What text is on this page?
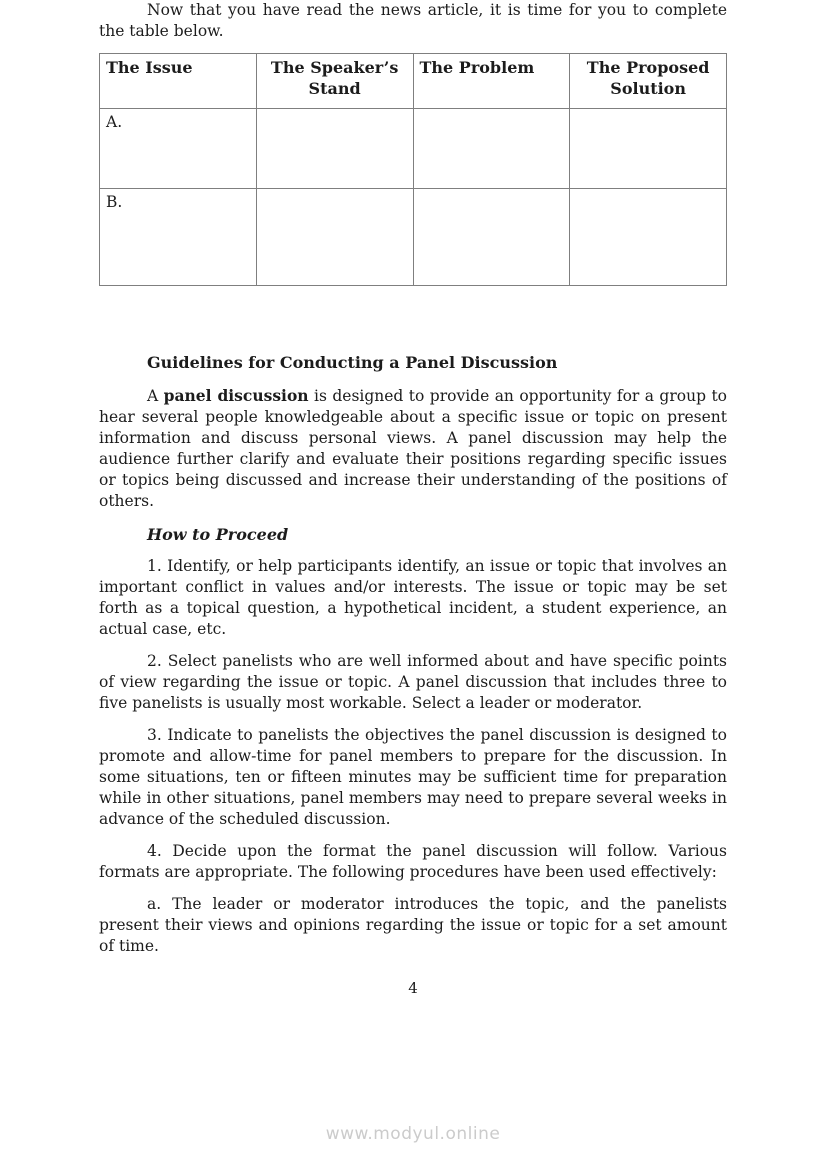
Now that you have read the news article, it is time for you to complete the table below.

The Issue	The Speaker’s Stand	The Problem	The Proposed Solution
A.			
B.			

Guidelines for Conducting a Panel Discussion

A panel discussion is designed to provide an opportunity for a group to hear several people knowledgeable about a specific issue or topic on present information and discuss personal views. A panel discussion may help the audience further clarify and evaluate their positions regarding specific issues or topics being discussed and increase their understanding of the positions of others.

How to Proceed

1. Identify, or help participants identify, an issue or topic that involves an important conflict in values and/or interests. The issue or topic may be set forth as a topical question, a hypothetical incident, a student experience, an actual case, etc.

2. Select panelists who are well informed about and have specific points of view regarding the issue or topic. A panel discussion that includes three to five panelists is usually most workable. Select a leader or moderator.

3. Indicate to panelists the objectives the panel discussion is designed to promote and allow-time for panel members to prepare for the discussion. In some situations, ten or fifteen minutes may be sufficient time for preparation while in other situations, panel members may need to prepare several weeks in advance of the scheduled discussion.

4. Decide upon the format the panel discussion will follow. Various formats are appropriate. The following procedures have been used effectively:

a. The leader or moderator introduces the topic, and the panelists present their views and opinions regarding the issue or topic for a set amount of time.

4
www.modyul.online
